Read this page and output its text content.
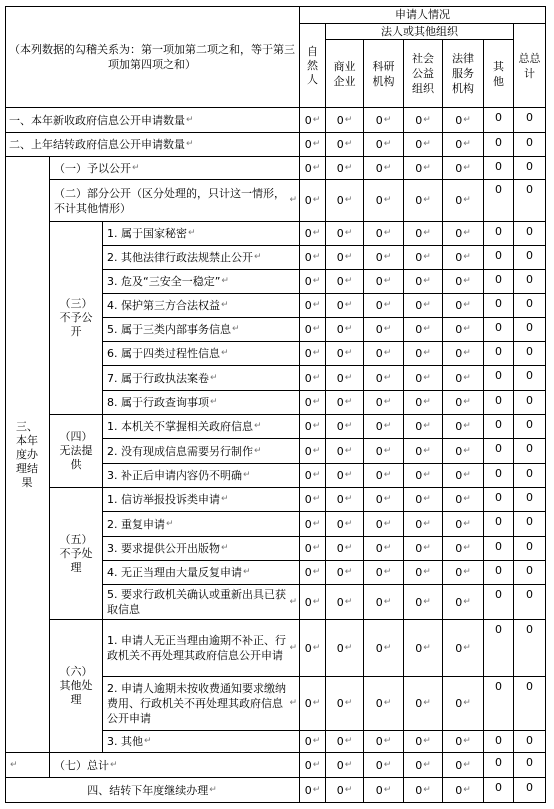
（本列数据的勾稽关系为：第一项加第二项之和，等于第三项加第四项之和）
申请人情况
自然人
法人或其他组织
商业企业
科研机构
社会公益组织
法律服务机构
其他
总总计
一、本年新收政府信息公开申请数量 ↵
二、上年结转政府信息公开申请数量 ↵
三、本年度办理结果
（一）予以公开 ↵
（二）部分公开（区分处理的，只计这一情形，不计其他情形）
↵
（三）不予公开
（四）无法提供
（五）不予处理
（六）其他处理
1. 属于国家秘密 ↵
2. 其他法律行政法规禁止公开 ↵
3. 危及“三安全一稳定” ↵
4. 保护第三方合法权益 ↵
5. 属于三类内部事务信息 ↵
6. 属于四类过程性信息 ↵
7. 属于行政执法案卷 ↵
8. 属于行政查询事项 ↵
1. 本机关不掌握相关政府信息 ↵
2. 没有现成信息需要另行制作 ↵
3. 补正后申请内容仍不明确 ↵
1. 信访举报投诉类申请 ↵
2. 重复申请 ↵
3. 要求提供公开出版物 ↵
4. 无正当理由大量反复申请 ↵
5. 要求行政机关确认或重新出具已获取信息
↵
1. 申请人无正当理由逾期不补正、行政机关不再处理其政府信息公开申请
↵
2. 申请人逾期未按收费通知要求缴纳费用、行政机关不再处理其政府信息公开申请
↵
3. 其他 ↵
↵	（七）总计 ↵
四、结转下年度继续办理 ↵
0 ↵ 0 ↵ 0 ↵ 0 ↵ 0 ↵ 0 0
0 ↵ 0 ↵ 0 ↵ 0 ↵ 0 ↵ 0 0
0 ↵ 0 ↵ 0 ↵ 0 ↵ 0 ↵ 0 0
0 ↵ 0 ↵ 0 ↵ 0 ↵ 0 ↵
0 0
0 ↵ 0 ↵ 0 ↵ 0 ↵ 0 ↵ 0 0
0 ↵ 0 ↵ 0 ↵ 0 ↵ 0 ↵ 0 0
0 ↵ 0 ↵ 0 ↵ 0 ↵ 0 ↵ 0 0
0 ↵ 0 ↵ 0 ↵ 0 ↵ 0 ↵ 0 0
0 ↵ 0 ↵ 0 ↵ 0 ↵ 0 ↵ 0 0
0 ↵ 0 ↵ 0 ↵ 0 ↵ 0 ↵ 0 0
0 ↵ 0 ↵ 0 ↵ 0 ↵ 0 ↵ 0 0
0 ↵ 0 ↵ 0 ↵ 0 ↵ 0 ↵ 0 0
0 ↵ 0 ↵ 0 ↵ 0 ↵ 0 ↵ 0 0
0 ↵ 0 ↵ 0 ↵ 0 ↵ 0 ↵ 0 0
0 ↵ 0 ↵ 0 ↵ 0 ↵ 0 ↵ 0 0
0 ↵ 0 ↵ 0 ↵ 0 ↵ 0 ↵ 0 0
0 ↵ 0 ↵ 0 ↵ 0 ↵ 0 ↵ 0 0
0 ↵ 0 ↵ 0 ↵ 0 ↵ 0 ↵ 0 0
0 ↵ 0 ↵ 0 ↵ 0 ↵ 0 ↵ 0 0
0 ↵ 0 ↵ 0 ↵ 0 ↵ 0 ↵
0 0
0 ↵ 0 ↵ 0 ↵ 0 ↵ 0 ↵
0 0
0 ↵ 0 ↵ 0 ↵ 0 ↵ 0 ↵
0 0
0 ↵ 0 ↵ 0 ↵ 0 ↵ 0 ↵ 0 0
0 ↵ 0 ↵ 0 ↵ 0 ↵ 0 ↵ 0 0
0 ↵ 0 ↵ 0 ↵ 0 ↵ 0 ↵ 0 0
